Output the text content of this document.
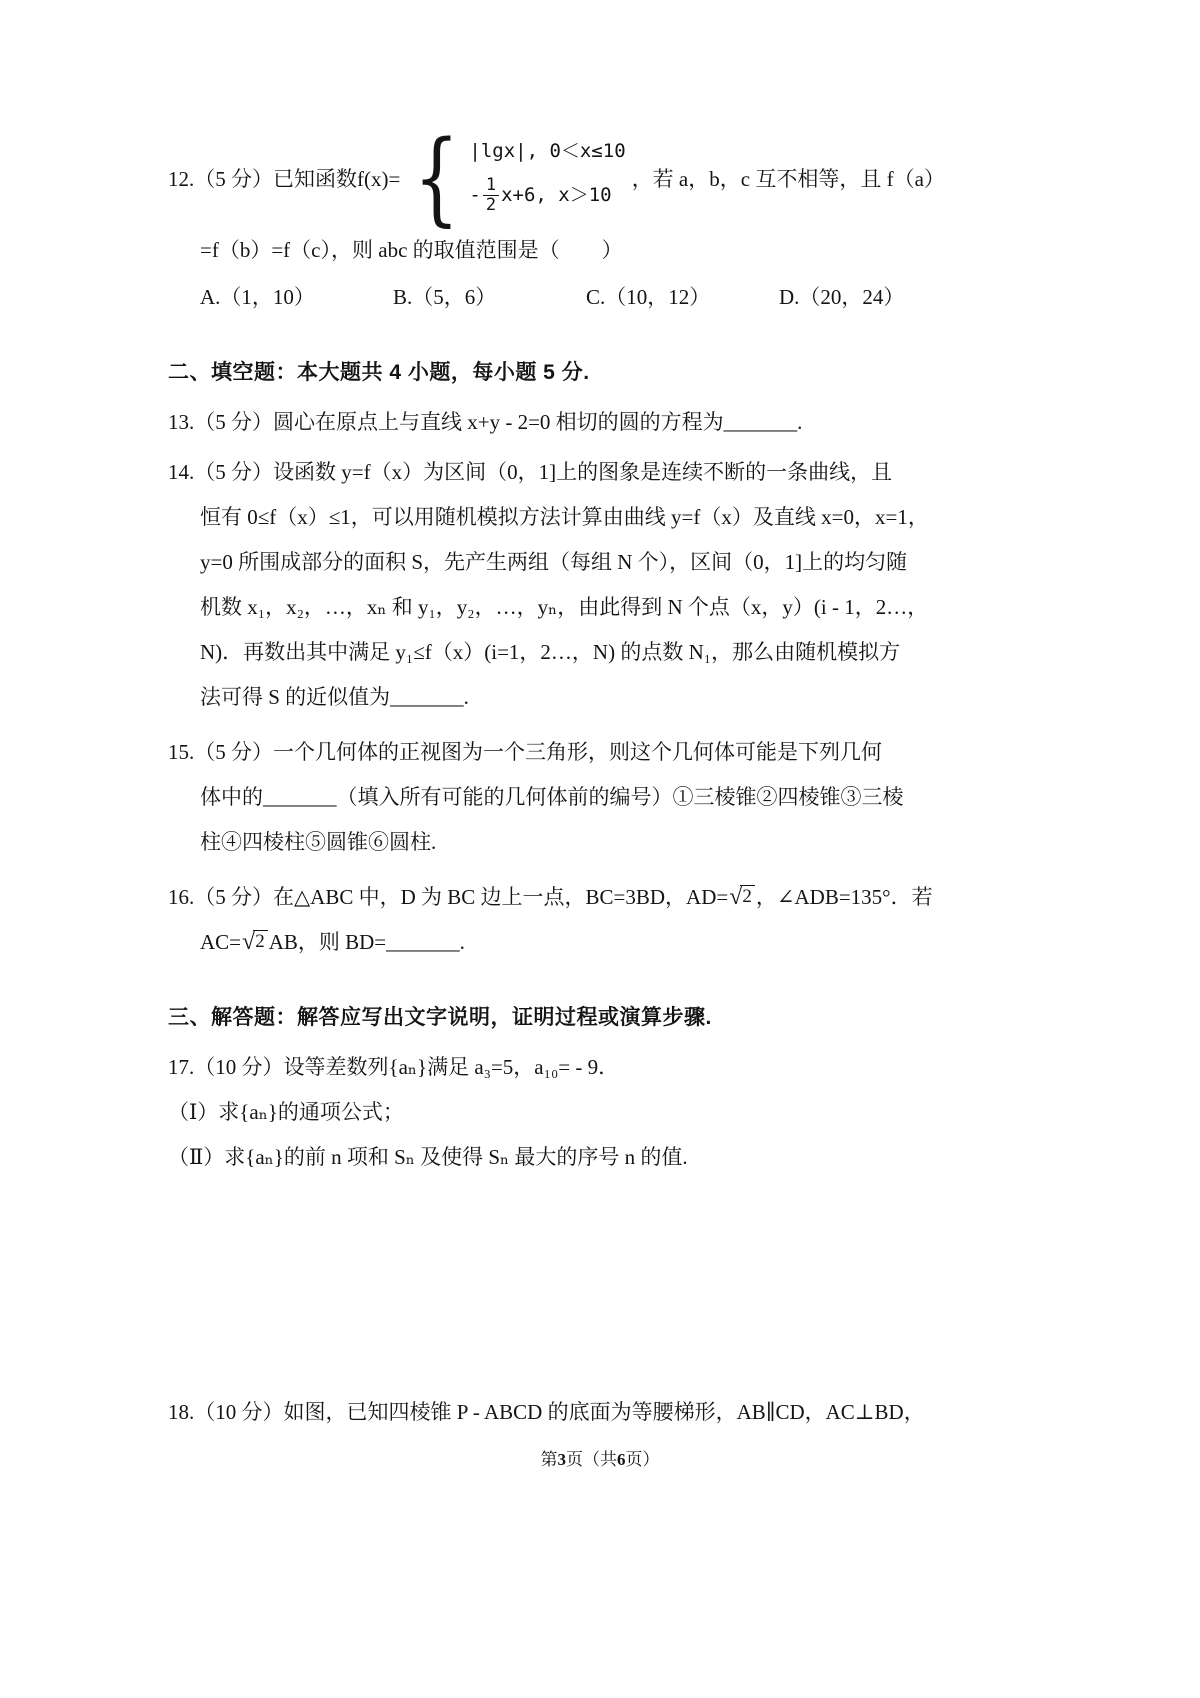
12.（5 分）已知函数f(x)= { |lgx|, 0＜x≤10
- $\frac{1}{2} x+6$, x＞10
，若 a，b，c 互不相等，且 f（a）
=f（b）=f（c），则 abc 的取值范围是（　　）
A.（1，10）	B.（5，6）	C.（10，12）	D.（20，24）
二、填空题：本大题共 4 小题，每小题 5 分.
13.（5 分）圆心在原点上与直线 x+y - 2=0 相切的圆的方程为_______.
14.（5 分）设函数 y=f（x）为区间（0，1]上的图象是连续不断的一条曲线，且
恒有 0≤f（x）≤1，可以用随机模拟方法计算由曲线 y=f（x）及直线 x=0，x=1，
y=0 所围成部分的面积 S，先产生两组（每组 N 个），区间（0，1]上的均匀随
机数 x₁，x₂，…，xₙ 和 y₁，y₂，…，yₙ，由此得到 N 个点（x，y）(i - 1，2…，
N)．再数出其中满足 y₁≤f（x）(i=1，2…，N) 的点数 N₁，那么由随机模拟方
法可得 S 的近似值为_______.
15.（5 分）一个几何体的正视图为一个三角形，则这个几何体可能是下列几何
体中的_______（填入所有可能的几何体前的编号）①三棱锥②四棱锥③三棱
柱④四棱柱⑤圆锥⑥圆柱.
16.（5 分）在△ABC 中，D 为 BC 边上一点，BC=3BD，AD= √ 2 ，∠ADB=135°．若
AC= √ 2 AB，则 BD=_______.
三、解答题：解答应写出文字说明，证明过程或演算步骤.
17.（10 分）设等差数列{aₙ}满足 a₃=5，a₁₀= - 9．
（Ⅰ）求{aₙ}的通项公式；
（Ⅱ）求{aₙ}的前 n 项和 Sₙ 及使得 Sₙ 最大的序号 n 的值.
18.（10 分）如图，已知四棱锥 P - ABCD 的底面为等腰梯形，AB∥CD，AC⊥BD，
第3页（共6页）
